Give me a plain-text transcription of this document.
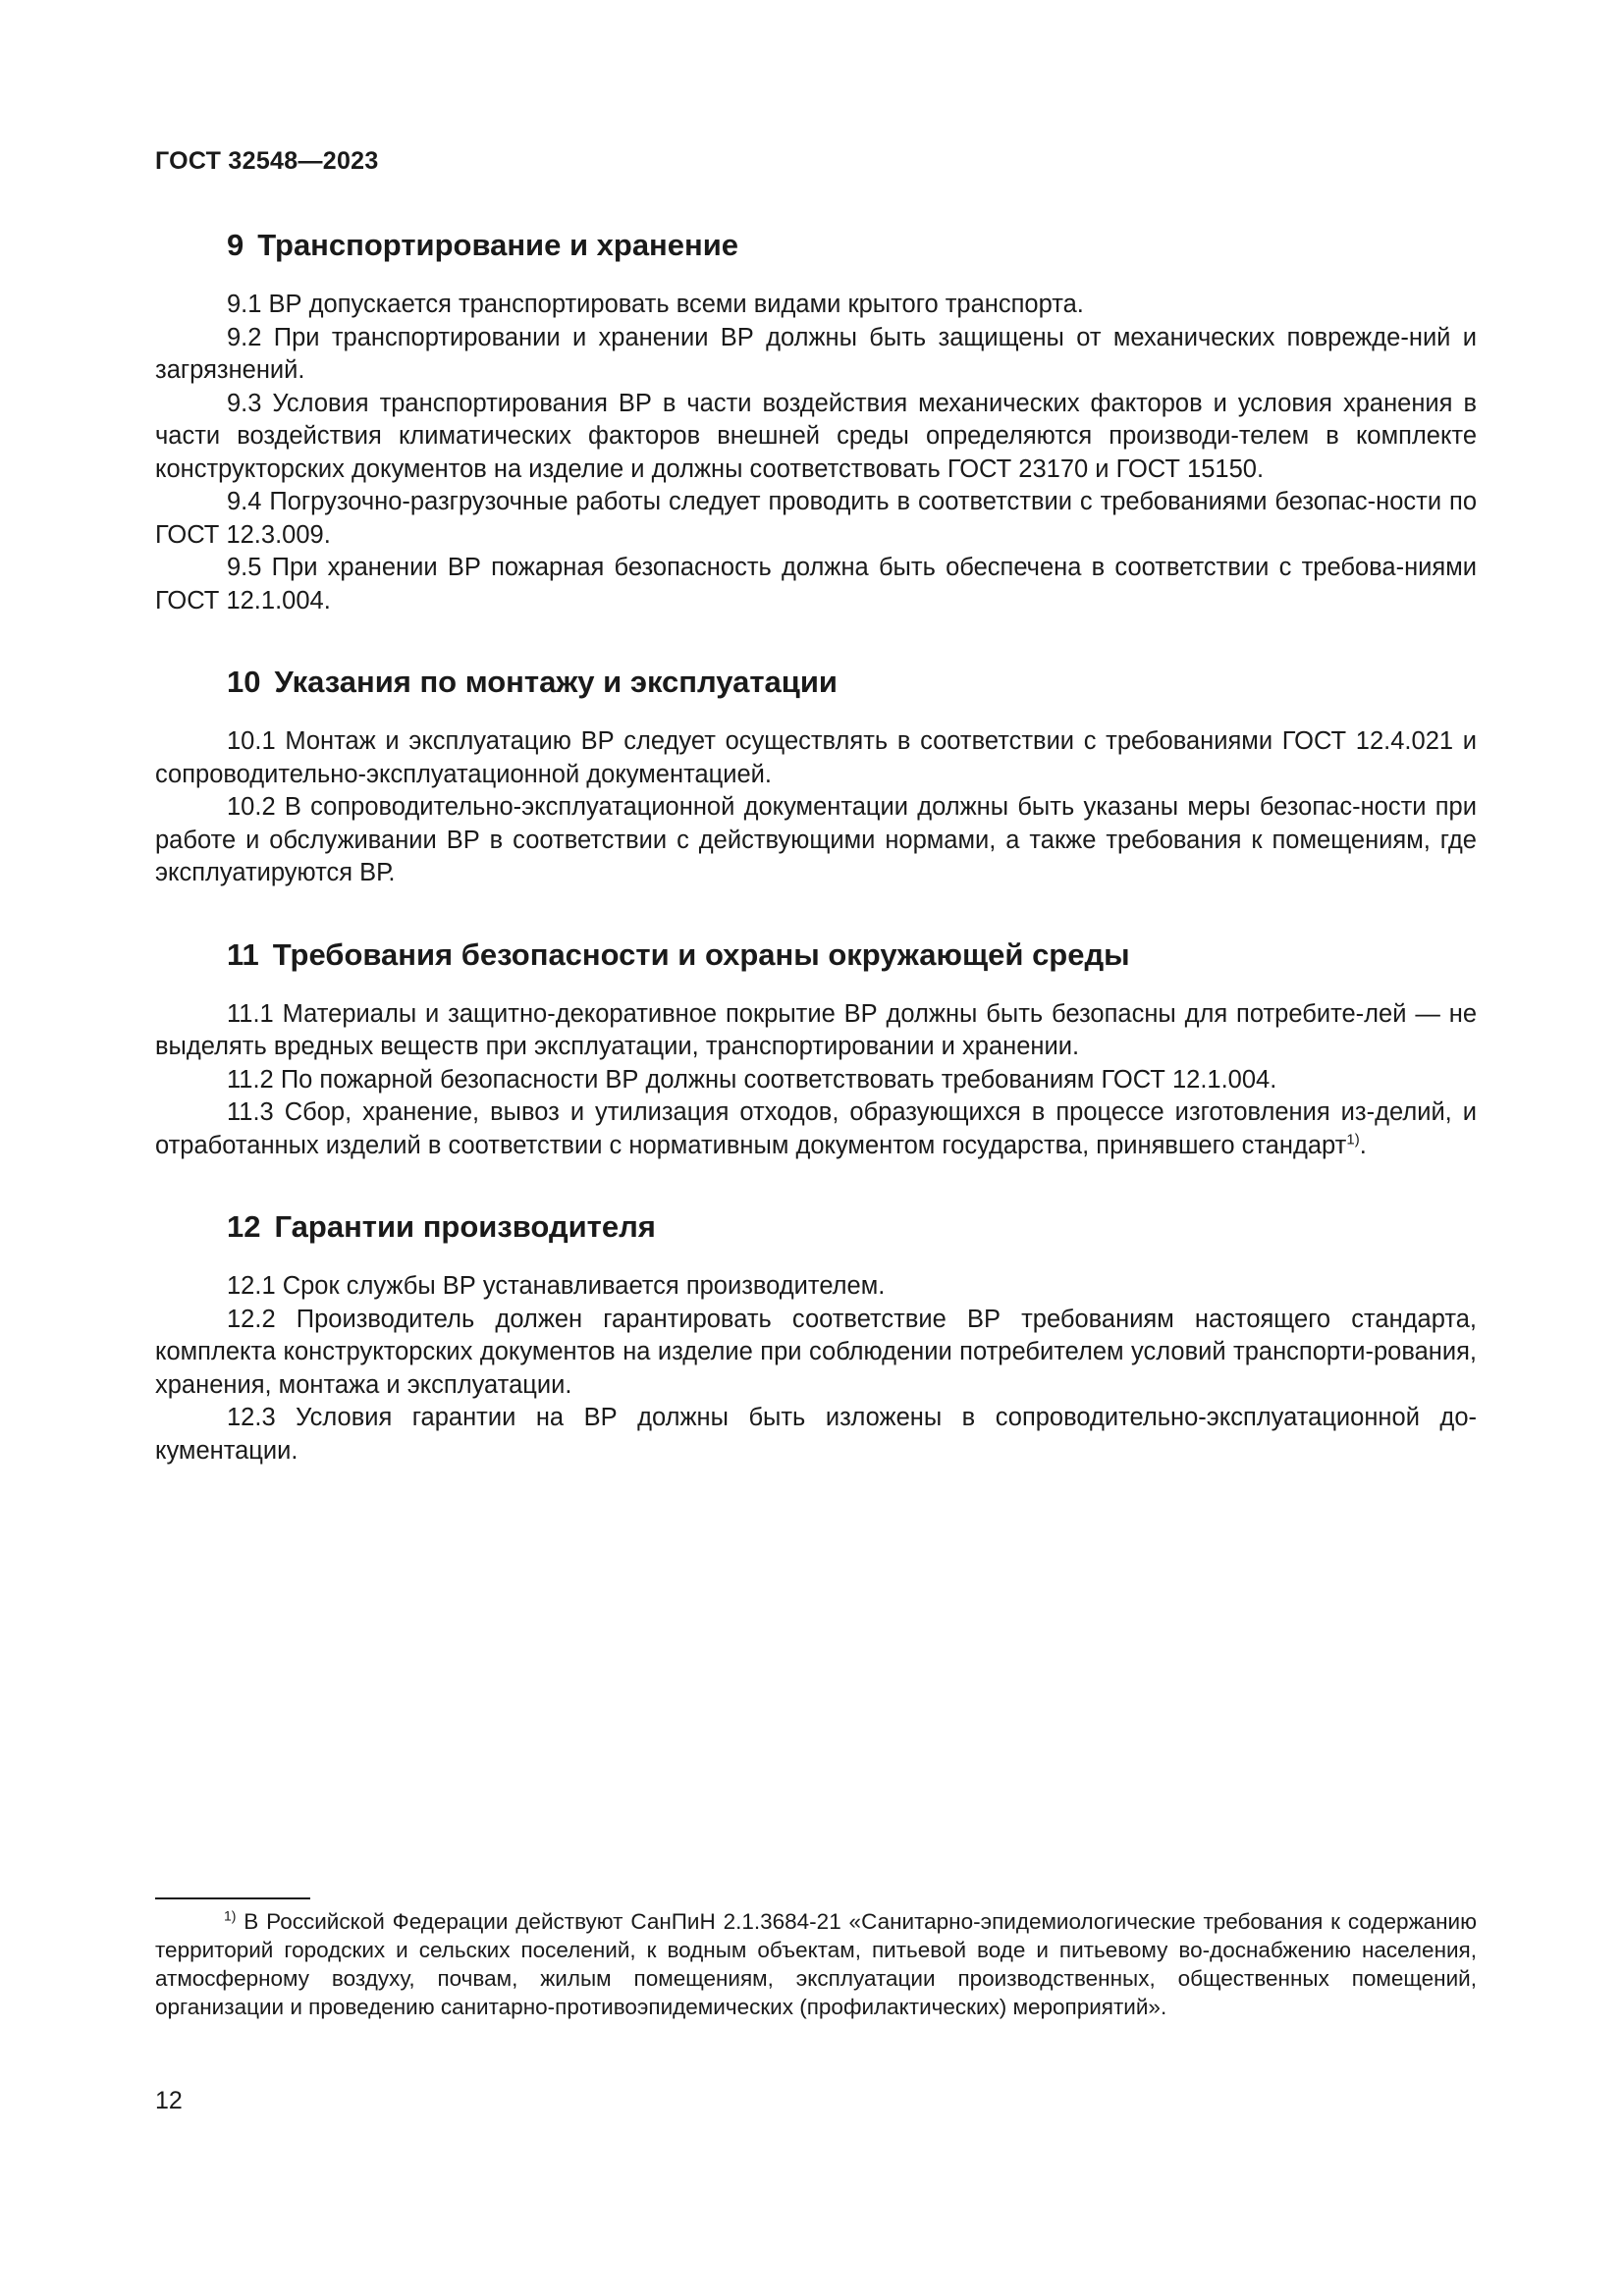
ГОСТ 32548—2023
9 Транспортирование и хранение

9.1 ВР допускается транспортировать всеми видами крытого транспорта.

9.2 При транспортировании и хранении ВР должны быть защищены от механических поврежде-ний и загрязнений.

9.3 Условия транспортирования ВР в части воздействия механических факторов и условия хранения в части воздействия климатических факторов внешней среды определяются производи-телем в комплекте конструкторских документов на изделие и должны соответствовать ГОСТ 23170 и ГОСТ 15150.

9.4 Погрузочно-разгрузочные работы следует проводить в соответствии с требованиями безопас-ности по ГОСТ 12.3.009.

9.5 При хранении ВР пожарная безопасность должна быть обеспечена в соответствии с требова-ниями ГОСТ 12.1.004.

10 Указания по монтажу и эксплуатации

10.1 Монтаж и эксплуатацию ВР следует осуществлять в соответствии с требованиями ГОСТ 12.4.021 и сопроводительно-эксплуатационной документацией.

10.2 В сопроводительно-эксплуатационной документации должны быть указаны меры безопас-ности при работе и обслуживании ВР в соответствии с действующими нормами, а также требования к помещениям, где эксплуатируются ВР.

11 Требования безопасности и охраны окружающей среды

11.1 Материалы и защитно-декоративное покрытие ВР должны быть безопасны для потребите-лей — не выделять вредных веществ при эксплуатации, транспортировании и хранении.

11.2 По пожарной безопасности ВР должны соответствовать требованиям ГОСТ 12.1.004.

11.3 Сбор, хранение, вывоз и утилизация отходов, образующихся в процессе изготовления из-делий, и отработанных изделий в соответствии с нормативным документом государства, принявшего стандарт$^{1)}$.

12 Гарантии производителя

12.1 Срок службы ВР устанавливается производителем.

12.2 Производитель должен гарантировать соответствие ВР требованиям настоящего стандарта, комплекта конструкторских документов на изделие при соблюдении потребителем условий транспорти-рования, хранения, монтажа и эксплуатации.

12.3 Условия гарантии на ВР должны быть изложены в сопроводительно-эксплуатационной до-кументации.

$^{1)}$ В Российской Федерации действуют СанПиН 2.1.3684-21 «Санитарно-эпидемиологические требования к содержанию территорий городских и сельских поселений, к водным объектам, питьевой воде и питьевому во-доснабжению населения, атмосферному воздуху, почвам, жилым помещениям, эксплуатации производственных, общественных помещений, организации и проведению санитарно-противоэпидемических (профилактических) мероприятий».

12
